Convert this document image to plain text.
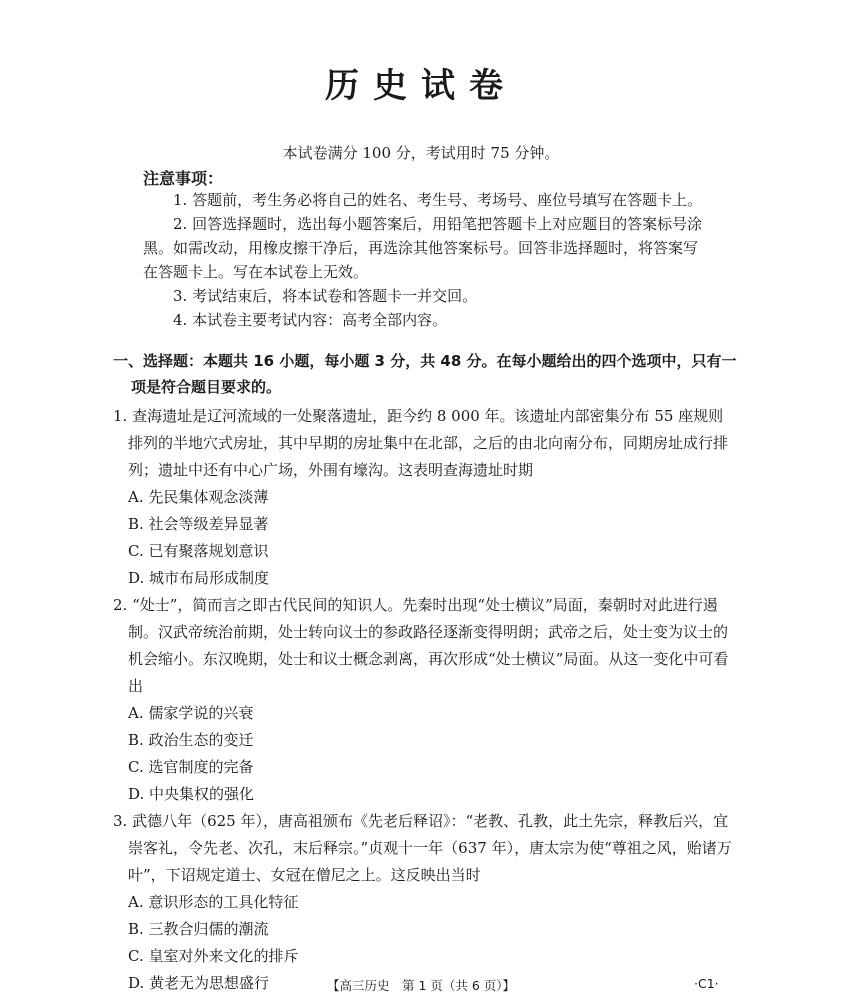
历史试卷
本试卷满分 100 分，考试用时 75 分钟。
注意事项：

1. 答题前，考生务必将自己的姓名、考生号、考场号、座位号填写在答题卡上。

2. 回答选择题时，选出每小题答案后，用铅笔把答题卡上对应题目的答案标号涂黑。如需改动，用橡皮擦干净后，再选涂其他答案标号。回答非选择题时，将答案写在答题卡上。写在本试卷上无效。

3. 考试结束后，将本试卷和答题卡一并交回。

4. 本试卷主要考试内容：高考全部内容。

一、选择题：本题共 16 小题，每小题 3 分，共 48 分。在每小题给出的四个选项中，只有一项是符合题目要求的。

1. 查海遗址是辽河流域的一处聚落遗址，距今约 8 000 年。该遗址内部密集分布 55 座规则排列的半地穴式房址，其中早期的房址集中在北部，之后的由北向南分布，同期房址成行排列；遗址中还有中心广场，外围有壕沟。这表明查海遗址时期

A. 先民集体观念淡薄

B. 社会等级差异显著

C. 已有聚落规划意识

D. 城市布局形成制度

2. “处士”，简而言之即古代民间的知识人。先秦时出现“处士横议”局面，秦朝时对此进行遏制。汉武帝统治前期，处士转向议士的参政路径逐渐变得明朗；武帝之后，处士变为议士的机会缩小。东汉晚期，处士和议士概念剥离，再次形成“处士横议”局面。从这一变化中可看出

A. 儒家学说的兴衰

B. 政治生态的变迁

C. 选官制度的完备

D. 中央集权的强化

3. 武德八年（625 年），唐高祖颁布《先老后释诏》：“老教、孔教，此土先宗，释教后兴，宜崇客礼，令先老、次孔，末后释宗。”贞观十一年（637 年），唐太宗为使“尊祖之风，贻诸万叶”，下诏规定道士、女冠在僧尼之上。这反映出当时

A. 意识形态的工具化特征

B. 三教合归儒的潮流

C. 皇室对外来文化的排斥

D. 黄老无为思想盛行	【高三历史　第 1 页（共 6 页）】	·C1·
